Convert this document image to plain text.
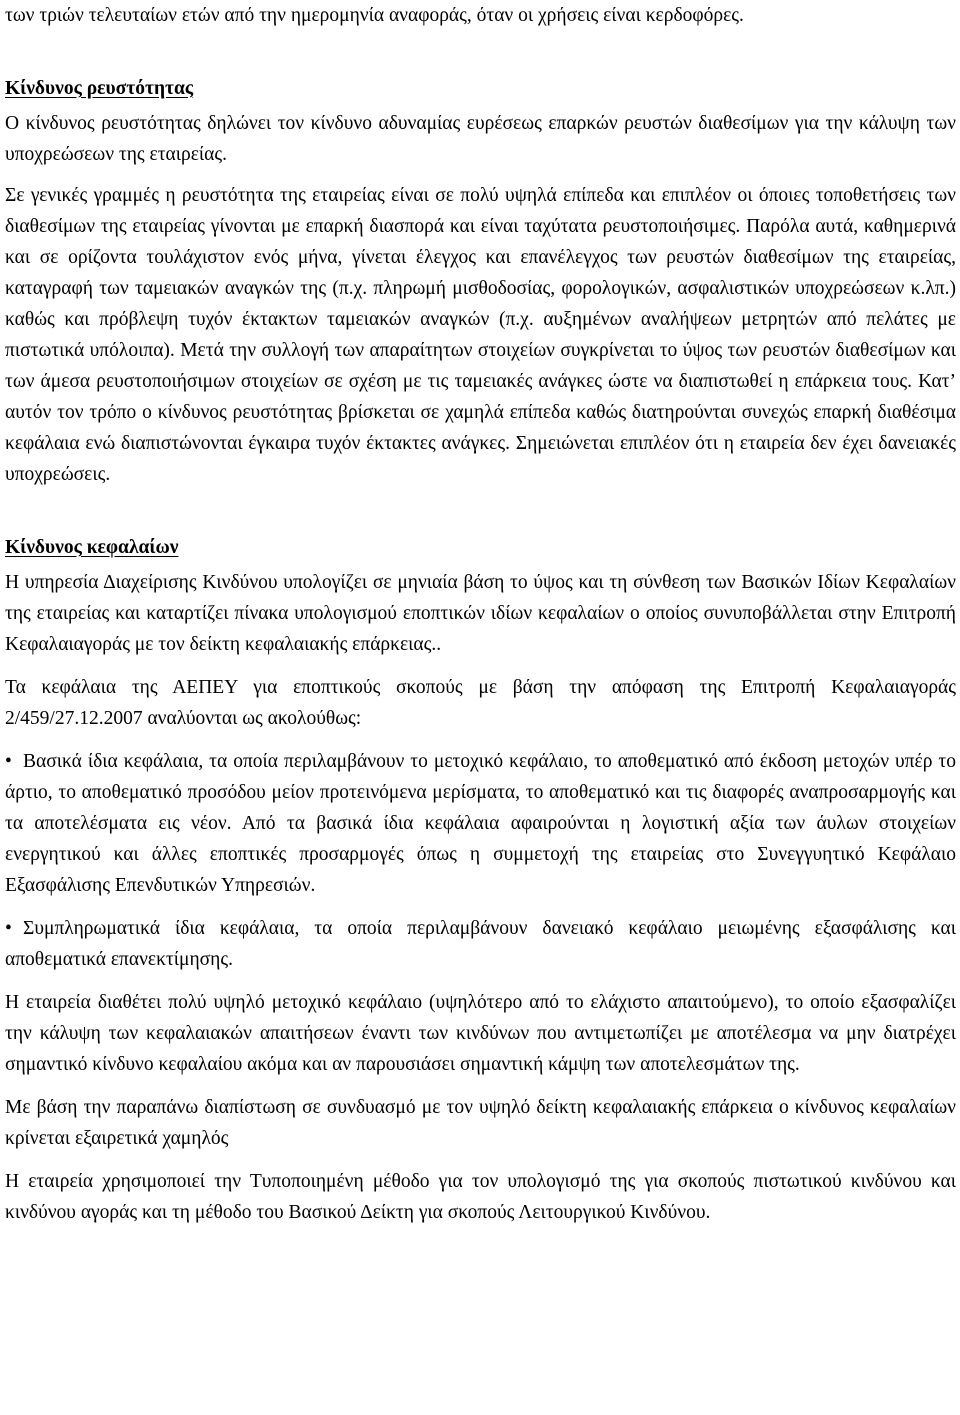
των τριών τελευταίων ετών από την ημερομηνία αναφοράς, όταν οι χρήσεις είναι κερδοφόρες.

Κίνδυνος ρευστότητας

Ο κίνδυνος ρευστότητας δηλώνει τον κίνδυνο αδυναμίας ευρέσεως επαρκών ρευστών διαθεσίμων για την κάλυψη των υποχρεώσεων της εταιρείας.

Σε γενικές γραμμές η ρευστότητα της εταιρείας είναι σε πολύ υψηλά επίπεδα και επιπλέον οι όποιες τοποθετήσεις των διαθεσίμων της εταιρείας γίνονται με επαρκή διασπορά και είναι ταχύτατα ρευστοποιήσιμες. Παρόλα αυτά, καθημερινά και σε ορίζοντα τουλάχιστον ενός μήνα, γίνεται έλεγχος και επανέλεγχος των ρευστών διαθεσίμων της εταιρείας, καταγραφή των ταμειακών αναγκών της (π.χ. πληρωμή μισθοδοσίας, φορολογικών, ασφαλιστικών υποχρεώσεων κ.λπ.) καθώς και πρόβλεψη τυχόν έκτακτων ταμειακών αναγκών (π.χ. αυξημένων αναλήψεων μετρητών από πελάτες με πιστωτικά υπόλοιπα). Μετά την συλλογή των απαραίτητων στοιχείων συγκρίνεται το ύψος των ρευστών διαθεσίμων και των άμεσα ρευστοποιήσιμων στοιχείων σε σχέση με τις ταμειακές ανάγκες ώστε να διαπιστωθεί η επάρκεια τους. Κατ’ αυτόν τον τρόπο ο κίνδυνος ρευστότητας βρίσκεται σε χαμηλά επίπεδα καθώς διατηρούνται συνεχώς επαρκή διαθέσιμα κεφάλαια ενώ διαπιστώνονται έγκαιρα τυχόν έκτακτες ανάγκες. Σημειώνεται επιπλέον ότι η εταιρεία δεν έχει δανειακές υποχρεώσεις.

Κίνδυνος κεφαλαίων

Η υπηρεσία Διαχείρισης Κινδύνου υπολογίζει σε μηνιαία βάση το ύψος και τη σύνθεση των Βασικών Ιδίων Κεφαλαίων της εταιρείας και καταρτίζει πίνακα υπολογισμού εποπτικών ιδίων κεφαλαίων ο οποίος συνυποβάλλεται στην Επιτροπή Κεφαλαιαγοράς με τον δείκτη κεφαλαιακής επάρκειας..

Τα κεφάλαια της ΑΕΠΕΥ για εποπτικούς σκοπούς με βάση την απόφαση της Επιτροπή Κεφαλαιαγοράς 2/459/27.12.2007 αναλύονται ως ακολούθως:

• Βασικά ίδια κεφάλαια, τα οποία περιλαμβάνουν το μετοχικό κεφάλαιο, το αποθεματικό από έκδοση μετοχών υπέρ το άρτιο, το αποθεματικό προσόδου μείον προτεινόμενα μερίσματα, το αποθεματικό και τις διαφορές αναπροσαρμογής και τα αποτελέσματα εις νέον. Από τα βασικά ίδια κεφάλαια αφαιρούνται η λογιστική αξία των άυλων στοιχείων ενεργητικού και άλλες εποπτικές προσαρμογές όπως η συμμετοχή της εταιρείας στο Συνεγγυητικό Κεφάλαιο Εξασφάλισης Επενδυτικών Υπηρεσιών.

• Συμπληρωματικά ίδια κεφάλαια, τα οποία περιλαμβάνουν δανειακό κεφάλαιο μειωμένης εξασφάλισης και αποθεματικά επανεκτίμησης.

Η εταιρεία διαθέτει πολύ υψηλό μετοχικό κεφάλαιο (υψηλότερο από το ελάχιστο απαιτούμενο), το οποίο εξασφαλίζει την κάλυψη των κεφαλαιακών απαιτήσεων έναντι των κινδύνων που αντιμετωπίζει με αποτέλεσμα να μην διατρέχει σημαντικό κίνδυνο κεφαλαίου ακόμα και αν παρουσιάσει σημαντική κάμψη των αποτελεσμάτων της.

Με βάση την παραπάνω διαπίστωση σε συνδυασμό με τον υψηλό δείκτη κεφαλαιακής επάρκεια ο κίνδυνος κεφαλαίων κρίνεται εξαιρετικά χαμηλός

Η εταιρεία χρησιμοποιεί την Τυποποιημένη μέθοδο για τον υπολογισμό της για σκοπούς πιστωτικού κινδύνου και κινδύνου αγοράς και τη μέθοδο του Βασικού Δείκτη για σκοπούς Λειτουργικού Κινδύνου.
